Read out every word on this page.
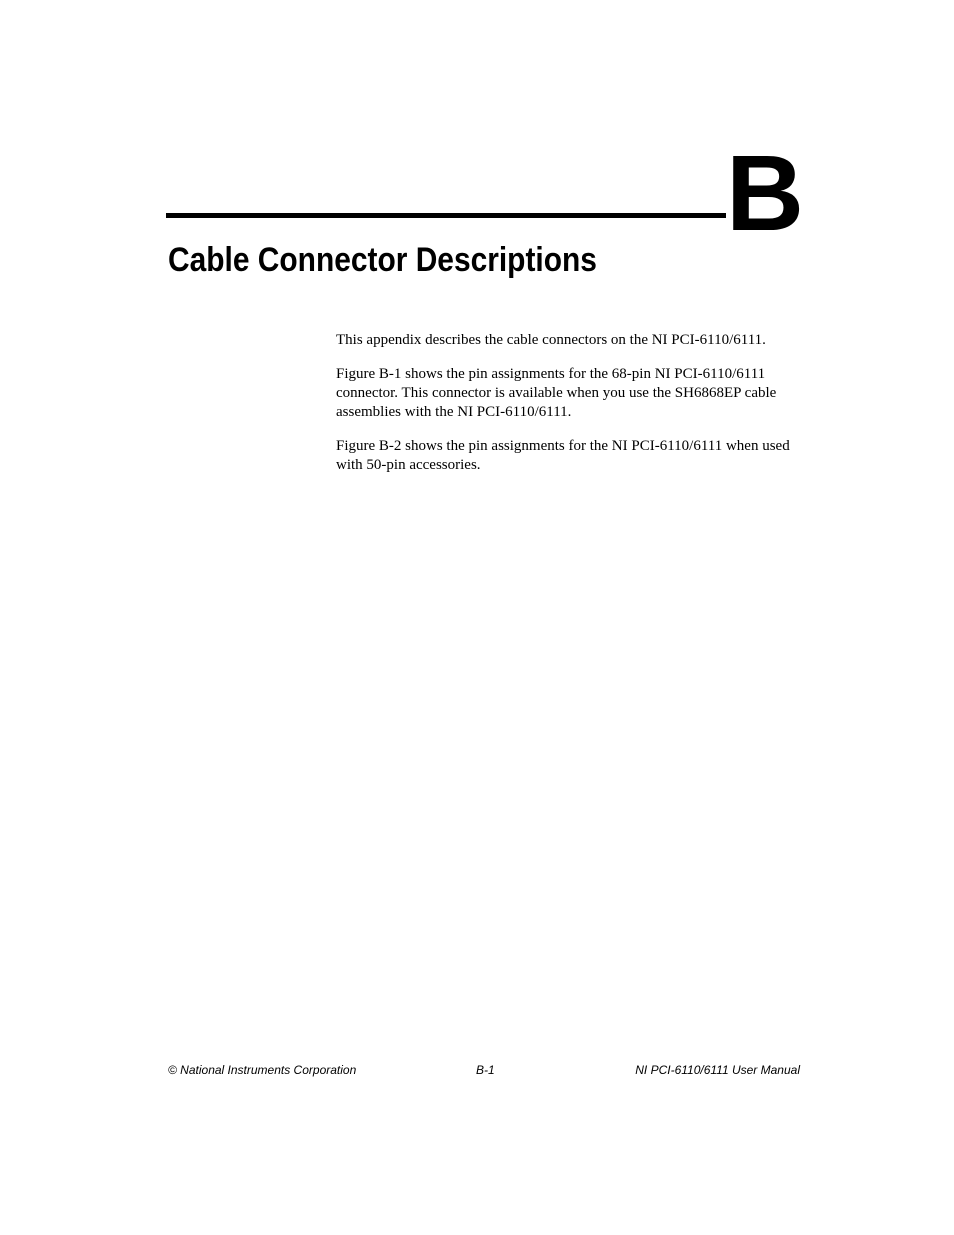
B
Cable Connector Descriptions

This appendix describes the cable connectors on the NI PCI-6110/6111.

Figure B-1 shows the pin assignments for the 68-pin NI PCI-6110/6111 connector. This connector is available when you use the SH6868EP cable assemblies with the NI PCI-6110/6111.

Figure B-2 shows the pin assignments for the NI PCI-6110/6111 when used with 50-pin accessories.

© National Instruments Corporation	B-1	NI PCI-6110/6111 User Manual
